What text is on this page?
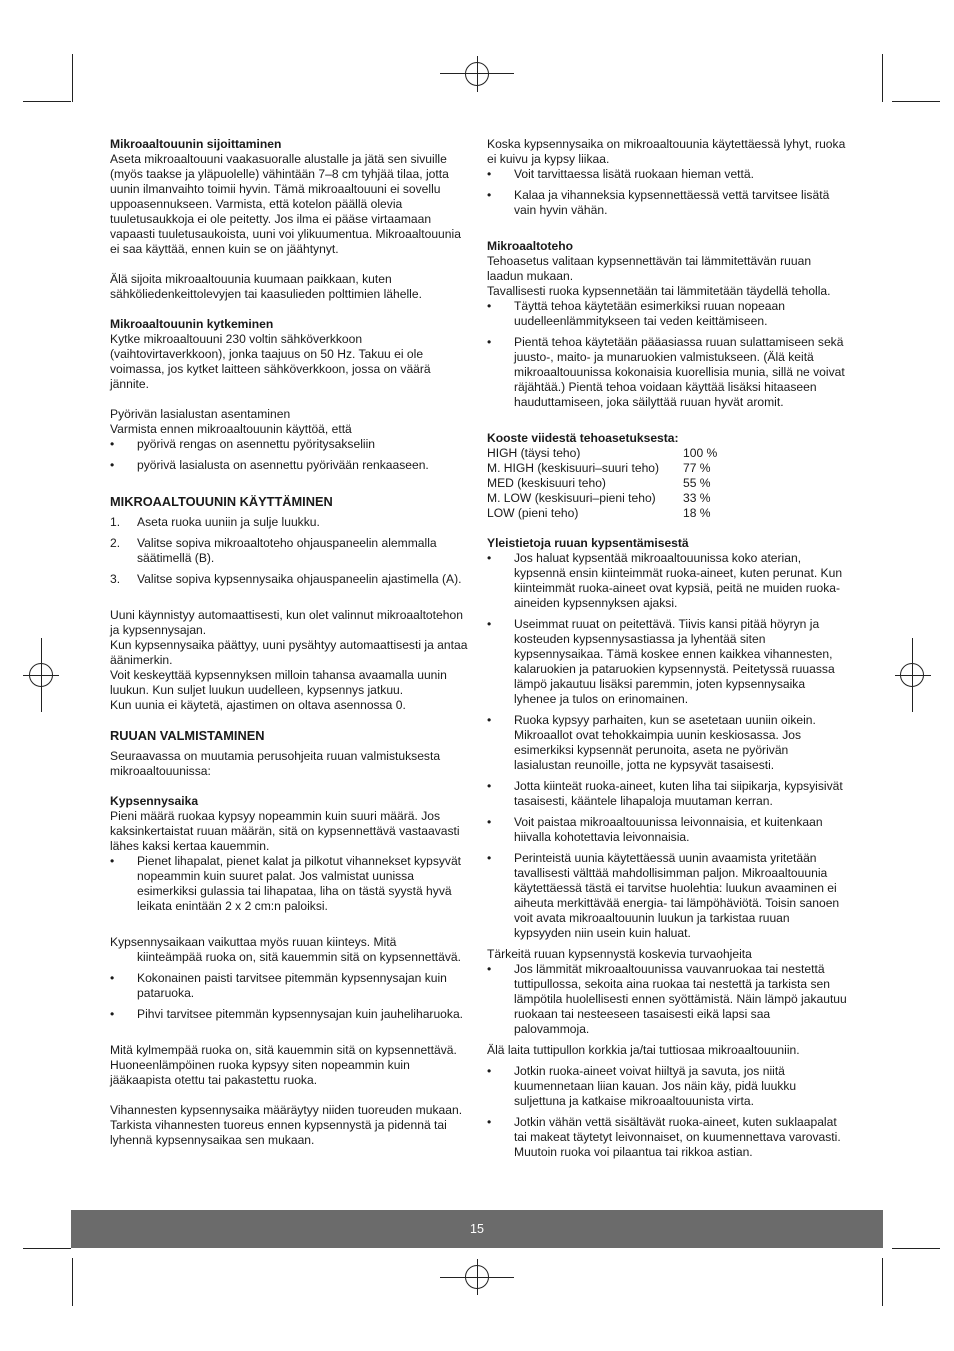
Mikroaaltouunin sijoittaminen

Aseta mikroaaltouuni vaakasuoralle alustalle ja jätä sen sivuille (myös taakse ja yläpuolelle) vähintään 7–8 cm tyhjää tilaa, jotta uunin ilmanvaihto toimii hyvin. Tämä mikroaaltouuni ei sovellu uppoasennukseen. Varmista, että kotelon päällä olevia tuuletusaukkoja ei ole peitetty. Jos ilma ei pääse virtaamaan vapaasti tuuletusaukoista, uuni voi ylikuumentua. Mikroaaltouunia ei saa käyttää, ennen kuin se on jäähtynyt.

Älä sijoita mikroaaltouunia kuumaan paikkaan, kuten sähköliedenkeittolevyjen tai kaasulieden polttimien lähelle.

Mikroaaltouunin kytkeminen

Kytke mikroaaltouuni 230 voltin sähköverkkoon (vaihtovirtaverkkoon), jonka taajuus on 50 Hz. Takuu ei ole voimassa, jos kytket laitteen sähköverkkoon, jossa on väärä jännite.

Pyörivän lasialustan asentaminen

Varmista ennen mikroaaltouunin käyttöä, että

• pyörivä rengas on asennettu pyöritysakseliin
• pyörivä lasialusta on asennettu pyörivään renkaaseen.

MIKROAALTOUUNIN KÄYTTÄMINEN

1. Aseta ruoka uuniin ja sulje luukku.
2. Valitse sopiva mikroaaltoteho ohjauspaneelin alemmalla säätimellä (B).
3. Valitse sopiva kypsennysaika ohjauspaneelin ajastimella (A).

Uuni käynnistyy automaattisesti, kun olet valinnut mikroaaltotehon ja kypsennysajan.

Kun kypsennysaika päättyy, uuni pysähtyy automaattisesti ja antaa äänimerkin.

Voit keskeyttää kypsennyksen milloin tahansa avaamalla uunin luukun. Kun suljet luukun uudelleen, kypsennys jatkuu.

Kun uunia ei käytetä, ajastimen on oltava asennossa 0.

RUUAN VALMISTAMINEN

Seuraavassa on muutamia perusohjeita ruuan valmistuksesta mikroaaltouunissa:

Kypsennysaika

Pieni määrä ruokaa kypsyy nopeammin kuin suuri määrä. Jos kaksinkertaistat ruuan määrän, sitä on kypsennettävä vastaavasti lähes kaksi kertaa kauemmin.

• Pienet lihapalat, pienet kalat ja pilkotut vihannekset kypsyvät nopeammin kuin suuret palat. Jos valmistat uunissa esimerkiksi gulassia tai lihapataa, liha on tästä syystä hyvä leikata enintään 2 x 2 cm:n paloiksi.

Kypsennysaikaan vaikuttaa myös ruuan kiinteys. Mitä

kiinteämpää ruoka on, sitä kauemmin sitä on kypsennettävä.

• Kokonainen paisti tarvitsee pitemmän kypsennysajan kuin pataruoka.
• Pihvi tarvitsee pitemmän kypsennysajan kuin jauheliharuoka.

Mitä kylmempää ruoka on, sitä kauemmin sitä on kypsennettävä. Huoneenlämpöinen ruoka kypsyy siten nopeammin kuin jääkaapista otettu tai pakastettu ruoka.

Vihannesten kypsennysaika määräytyy niiden tuoreuden mukaan. Tarkista vihannesten tuoreus ennen kypsennystä ja pidennä tai lyhennä kypsennysaikaa sen mukaan.

Koska kypsennysaika on mikroaaltouunia käytettäessä lyhyt, ruoka ei kuivu ja kypsy liikaa.

• Voit tarvittaessa lisätä ruokaan hieman vettä.
• Kalaa ja vihanneksia kypsennettäessä vettä tarvitsee lisätä vain hyvin vähän.

Mikroaaltoteho

Tehoasetus valitaan kypsennettävän tai lämmitettävän ruuan laadun mukaan.

Tavallisesti ruoka kypsennetään tai lämmitetään täydellä teholla.

• Täyttä tehoa käytetään esimerkiksi ruuan nopeaan uudelleenlämmitykseen tai veden keittämiseen.
• Pientä tehoa käytetään pääasiassa ruuan sulattamiseen sekä juusto-, maito- ja munaruokien valmistukseen. (Älä keitä mikroaaltouunissa kokonaisia kuorellisia munia, sillä ne voivat räjähtää.) Pientä tehoa voidaan käyttää lisäksi hitaaseen hauduttamiseen, joka säilyttää ruuan hyvät aromit.

Kooste viidestä tehoasetuksesta:

HIGH (täysi teho)	100 %
M. HIGH (keskisuuri–suuri teho)	77 %
MED (keskisuuri teho)	55 %
M. LOW (keskisuuri–pieni teho)	33 %
LOW (pieni teho)	18 %

Yleistietoja ruuan kypsentämisestä

• Jos haluat kypsentää mikroaaltouunissa koko aterian, kypsennä ensin kiinteimmät ruoka-aineet, kuten perunat. Kun kiinteimmät ruoka-aineet ovat kypsiä, peitä ne muiden ruoka-aineiden kypsennyksen ajaksi.
• Useimmat ruuat on peitettävä. Tiivis kansi pitää höyryn ja kosteuden kypsennysastiassa ja lyhentää siten kypsennysaikaa. Tämä koskee ennen kaikkea vihannesten, kalaruokien ja pataruokien kypsennystä. Peitetyssä ruuassa lämpö jakautuu lisäksi paremmin, joten kypsennysaika lyhenee ja tulos on erinomainen.
• Ruoka kypsyy parhaiten, kun se asetetaan uuniin oikein. Mikroaallot ovat tehokkaimpia uunin keskiosassa. Jos esimerkiksi kypsennät perunoita, aseta ne pyörivän lasialustan reunoille, jotta ne kypsyvät tasaisesti.
• Jotta kiinteät ruoka-aineet, kuten liha tai siipikarja, kypsyisivät tasaisesti, kääntele lihapaloja muutaman kerran.
• Voit paistaa mikroaaltouunissa leivonnaisia, et kuitenkaan hiivalla kohotettavia leivonnaisia.
• Perinteistä uunia käytettäessä uunin avaamista yritetään tavallisesti välttää mahdollisimman paljon. Mikroaaltouunia käytettäessä tästä ei tarvitse huolehtia: luukun avaaminen ei aiheuta merkittävää energia- tai lämpöhäviötä. Toisin sanoen voit avata mikroaaltouunin luukun ja tarkistaa ruuan kypsyyden niin usein kuin haluat.

Tärkeitä ruuan kypsennystä koskevia turvaohjeita

• Jos lämmität mikroaaltouunissa vauvanruokaa tai nestettä tuttipullossa, sekoita aina ruokaa tai nestettä ja tarkista sen lämpötila huolellisesti ennen syöttämistä. Näin lämpö jakautuu ruokaan tai nesteeseen tasaisesti eikä lapsi saa palovammoja.

Älä laita tuttipullon korkkia ja/tai tuttiosaa mikroaaltouuniin.

• Jotkin ruoka-aineet voivat hiiltyä ja savuta, jos niitä kuumennetaan liian kauan. Jos näin käy, pidä luukku suljettuna ja katkaise mikroaaltouunista virta.
• Jotkin vähän vettä sisältävät ruoka-aineet, kuten suklaapalat tai makeat täytetyt leivonnaiset, on kuumennettava varovasti. Muutoin ruoka voi pilaantua tai rikkoa astian.
15
